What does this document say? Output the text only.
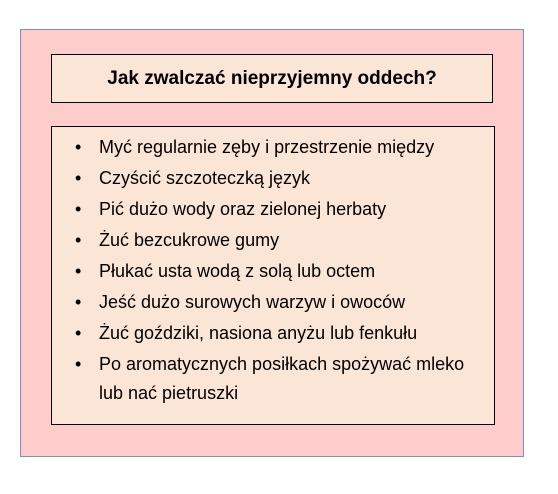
Jak zwalczać nieprzyjemny oddech?
• Myć regularnie zęby i przestrzenie między
• Czyścić szczoteczką język
• Pić dużo wody oraz zielonej herbaty
• Żuć bezcukrowe gumy
• Płukać usta wodą z solą lub octem
• Jeść dużo surowych warzyw i owoców
• Żuć goździki, nasiona anyżu lub fenkułu
• Po aromatycznych posiłkach spożywać mleko lub nać pietruszki
